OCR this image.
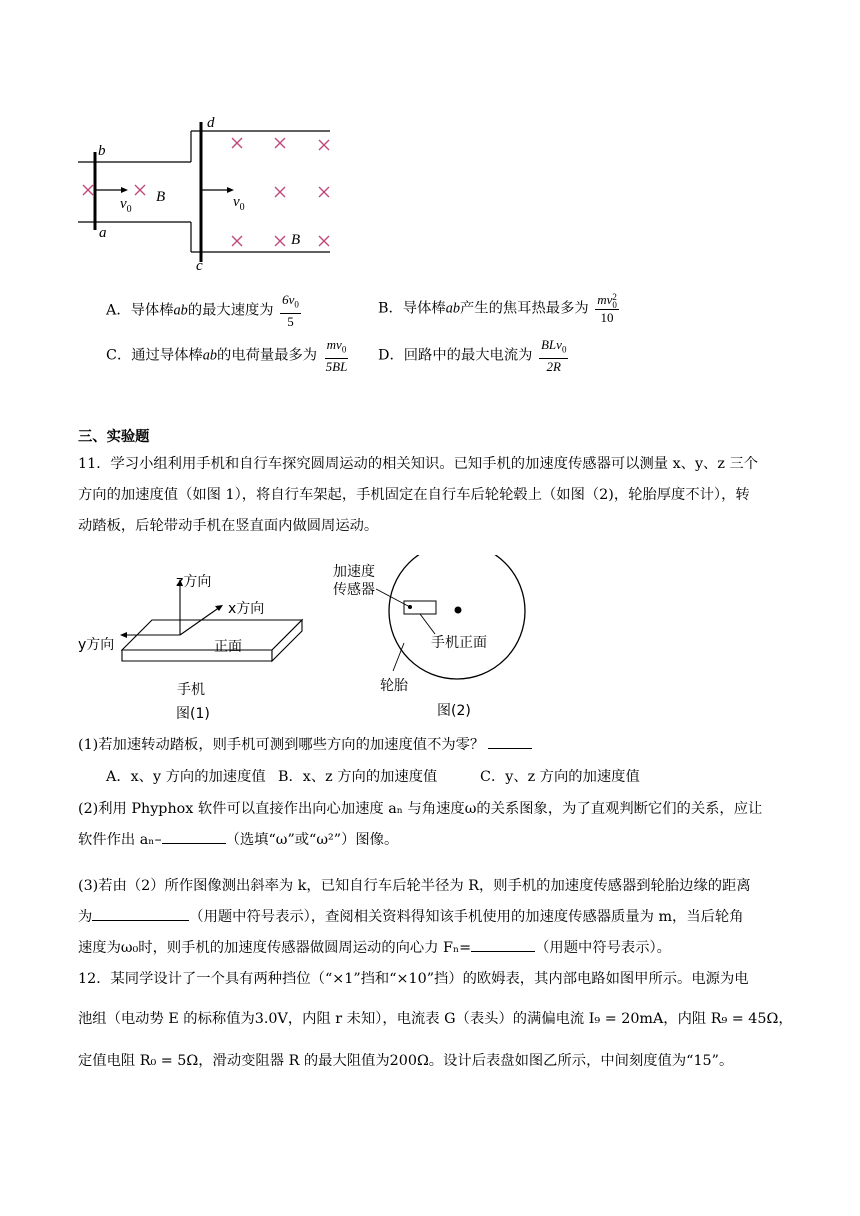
b
a
d
c
$v_0$	$v_0$
B
B
A．导体棒ab的最大速度为 $\frac{6v_0}{5}$	B．导体棒ab产生的焦耳热最多为 mv 2
0
10
C．通过导体棒ab的电荷量最多为 $\frac{mv_0}{5BL}$ D．回路中的最大电流为 $\frac{BLv_0}{2R}$
三、实验题
11．学习小组利用手机和自行车探究圆周运动的相关知识。已知手机的加速度传感器可以测量 x、y、z 三个
方向的加速度值（如图 1），将自行车架起，手机固定在自行车后轮轮毂上（如图（2)，轮胎厚度不计），转
动踏板，后轮带动手机在竖直面内做圆周运动。
z方向
x方向
y方向	正面
手机
图(1)
加速度
传感器
手机正面
轮胎
图(2)
(1)若加速转动踏板，则手机可测到哪些方向的加速度值不为零？
A．x、y 方向的加速度值 B．x、z 方向的加速度值	C．y、z 方向的加速度值
(2)利用 Phyphox 软件可以直接作出向心加速度 aₙ 与角速度ω的关系图象，为了直观判断它们的关系，应让
软件作出 aₙ–	（选填“ω”或“ω²”）图像。
(3)若由（2）所作图像测出斜率为 k，已知自行车后轮半径为 R，则手机的加速度传感器到轮胎边缘的距离
为	（用题中符号表示），查阅相关资料得知该手机使用的加速度传感器质量为 m，当后轮角
速度为ω₀时，则手机的加速度传感器做圆周运动的向心力 Fₙ=	（用题中符号表示）。
12．某同学设计了一个具有两种挡位（“×1”挡和“×10”挡）的欧姆表，其内部电路如图甲所示。电源为电
池组（电动势 E 的标称值为3.0V，内阻 r 未知），电流表 G（表头）的满偏电流 I₉ = 20mA，内阻 R₉ = 45Ω，
定值电阻 R₀ = 5Ω，滑动变阻器 R 的最大阻值为200Ω。设计后表盘如图乙所示，中间刻度值为“15”。
